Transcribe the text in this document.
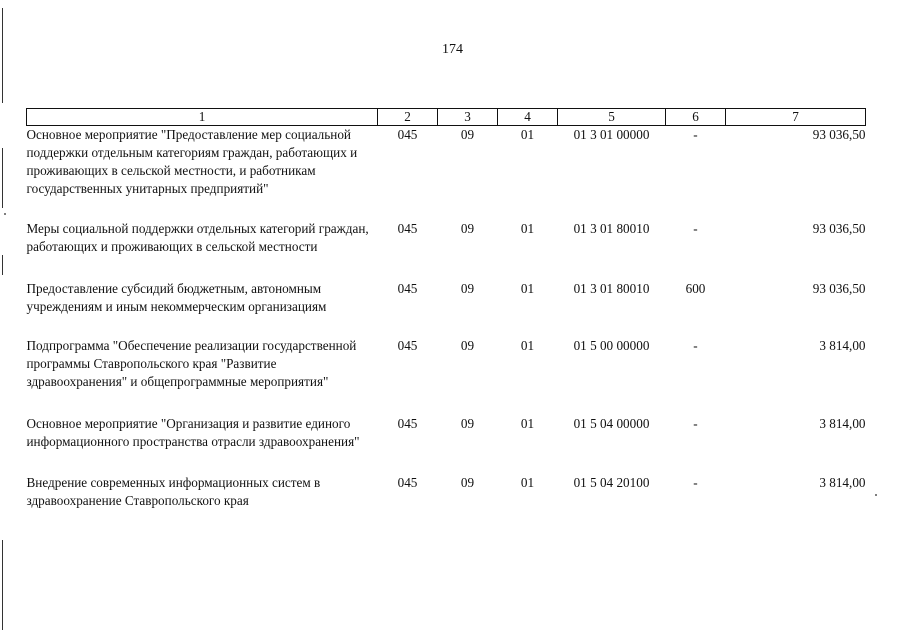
174
1	2	3	4	5	6	7
Основное мероприятие "Предоставление мер социальной поддержки отдельным категориям граждан, работающих и проживающих в сельской местности, и работникам государственных унитарных предприятий"	045	09	01	01 3 01 00000	-	93 036,50
Меры социальной поддержки отдельных категорий граждан, работающих и проживающих в сельской местности	045	09	01	01 3 01 80010	-	93 036,50
Предоставление субсидий бюджетным, автономным учреждениям и иным некоммерческим организациям	045	09	01	01 3 01 80010	600	93 036,50
Подпрограмма "Обеспечение реализации государственной программы Ставропольского края "Развитие здравоохранения" и общепрограммные мероприятия"	045	09	01	01 5 00 00000	-	3 814,00
Основное мероприятие "Организация и развитие единого информационного пространства отрасли здравоохранения"	045	09	01	01 5 04 00000	-	3 814,00
Внедрение современных информационных систем в здравоохранение Ставропольского края	045	09	01	01 5 04 20100	-	3 814,00
